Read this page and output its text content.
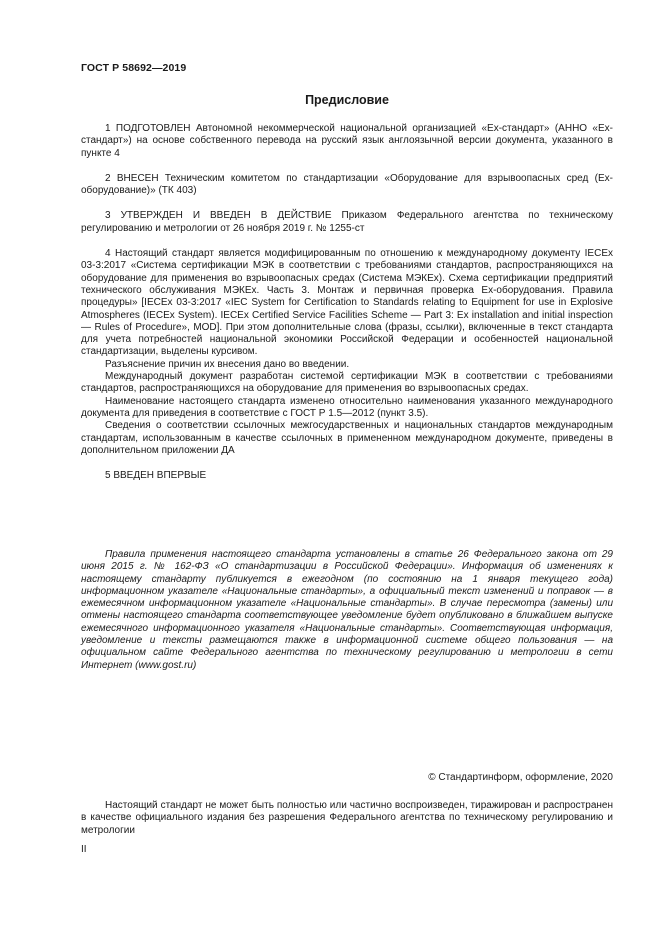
ГОСТ Р 58692—2019
Предисловие

1 ПОДГОТОВЛЕН Автономной некоммерческой национальной организацией «Ех-стандарт» (АННО «Ех-стандарт») на основе собственного перевода на русский язык англоязычной версии документа, указанного в пункте 4

2 ВНЕСЕН Техническим комитетом по стандартизации «Оборудование для взрывоопасных сред (Ех-оборудование)» (ТК 403)

3 УТВЕРЖДЕН И ВВЕДЕН В ДЕЙСТВИЕ Приказом Федерального агентства по техническому регулированию и метрологии от 26 ноября 2019 г. № 1255-ст

4 Настоящий стандарт является модифицированным по отношению к международному документу IECEx 03-3:2017 «Система сертификации МЭК в соответствии с требованиями стандартов, распространяющихся на оборудование для применения во взрывоопасных средах (Система МЭКЕх). Схема сертификации предприятий технического обслуживания МЭКЕх. Часть 3. Монтаж и первичная проверка Ех-оборудования. Правила процедуры» [IECEx 03-3:2017 «IEC System for Certification to Standards relating to Equipment for use in Explosive Atmospheres (IECEx System). IECEx Certified Service Facilities Scheme — Part 3: Ex installation and initial inspection — Rules of Procedure», MOD]. При этом дополнительные слова (фразы, ссылки), включенные в текст стандарта для учета потребностей национальной экономики Российской Федерации и особенностей национальной стандартизации, выделены курсивом.

Разъяснение причин их внесения дано во введении.

Международный документ разработан системой сертификации МЭК в соответствии с требованиями стандартов, распространяющихся на оборудование для применения во взрывоопасных средах.

Наименование настоящего стандарта изменено относительно наименования указанного международного документа для приведения в соответствие с ГОСТ Р 1.5—2012 (пункт 3.5).

Сведения о соответствии ссылочных межгосударственных и национальных стандартов международным стандартам, использованным в качестве ссылочных в примененном международном документе, приведены в дополнительном приложении ДА

5 ВВЕДЕН ВПЕРВЫЕ

Правила применения настоящего стандарта установлены в статье 26 Федерального закона от 29 июня 2015 г. № 162-ФЗ «О стандартизации в Российской Федерации». Информация об изменениях к настоящему стандарту публикуется в ежегодном (по состоянию на 1 января текущего года) информационном указателе «Национальные стандарты», а официальный текст изменений и поправок — в ежемесячном информационном указателе «Национальные стандарты». В случае пересмотра (замены) или отмены настоящего стандарта соответствующее уведомление будет опубликовано в ближайшем выпуске ежемесячного информационного указателя «Национальные стандарты». Соответствующая информация, уведомление и тексты размещаются также в информационной системе общего пользования — на официальном сайте Федерального агентства по техническому регулированию и метрологии в сети Интернет (www.gost.ru)

© Стандартинформ, оформление, 2020

Настоящий стандарт не может быть полностью или частично воспроизведен, тиражирован и распространен в качестве официального издания без разрешения Федерального агентства по техническому регулированию и метрологии

II
